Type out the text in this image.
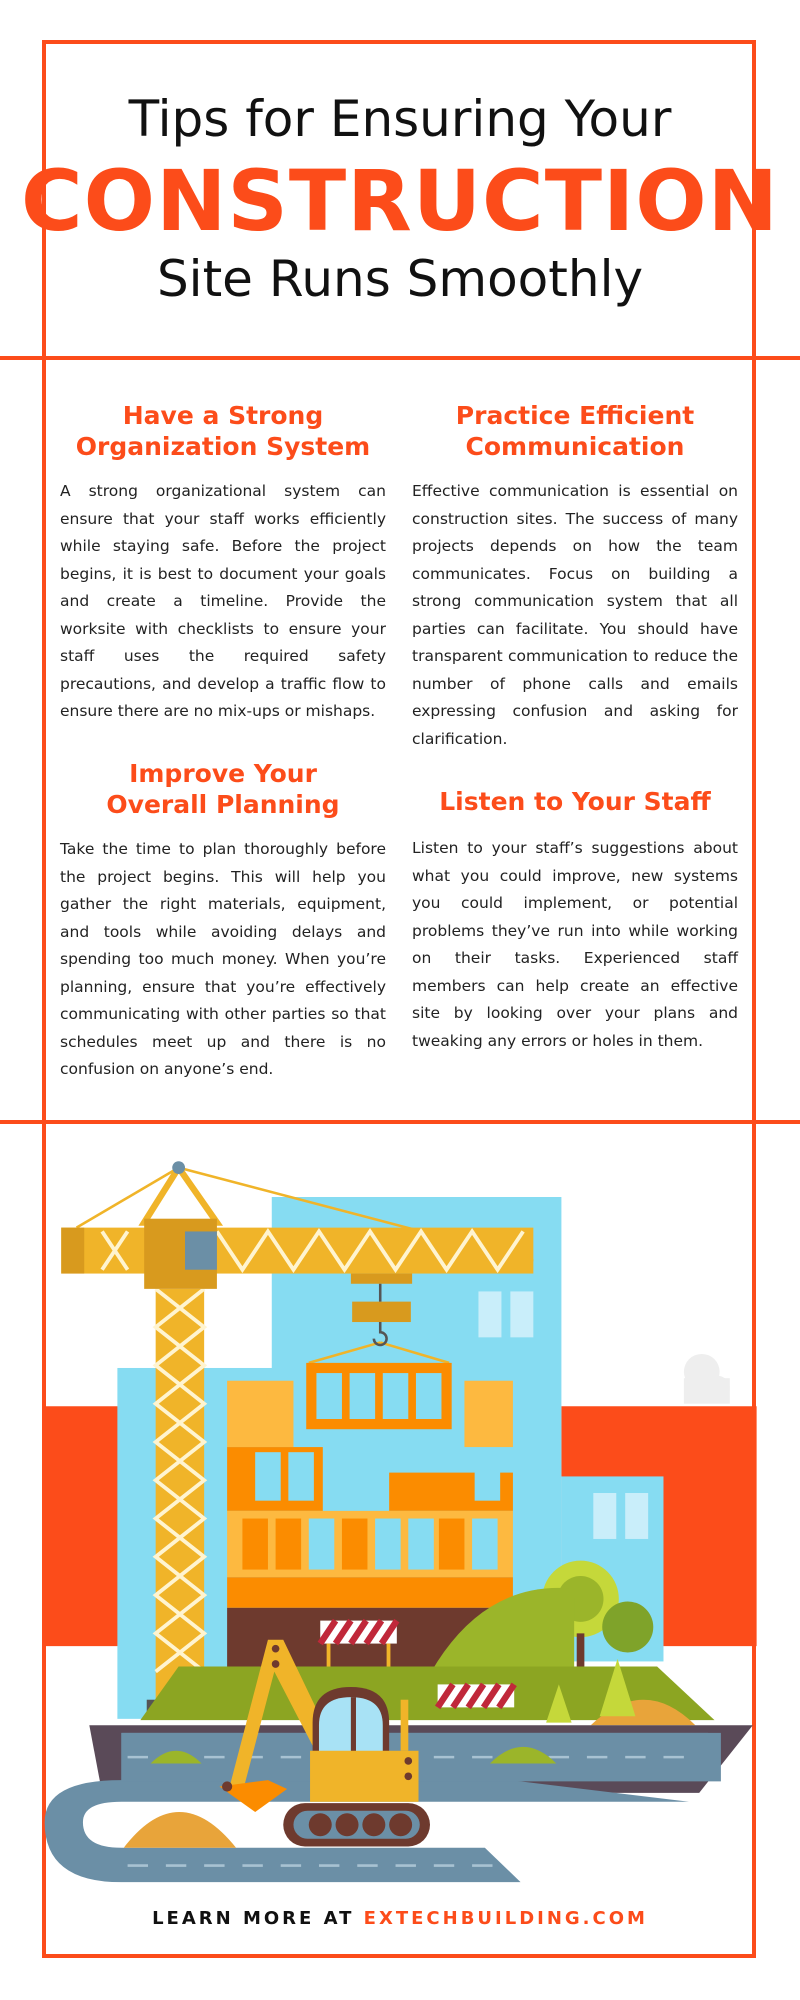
Tips for Ensuring Your
CONSTRUCTION
Site Runs Smoothly
Have a Strong
Organization System

A strong organizational system can ensure that your staff works efficiently while staying safe. Before the project begins, it is best to document your goals and create a timeline. Provide the worksite with checklists to ensure your staff uses the required safety precautions, and develop a traffic flow to ensure there are no mix-ups or mishaps.

Practice Efficient
Communication

Effective communication is essential on construction sites. The success of many projects depends on how the team communicates. Focus on building a strong communication system that all parties can facilitate. You should have transparent communication to reduce the number of phone calls and emails expressing confusion and asking for clarification.

Improve Your
Overall Planning

Take the time to plan thoroughly before the project begins. This will help you gather the right materials, equipment, and tools while avoiding delays and spending too much money. When you’re planning, ensure that you’re effectively communicating with other parties so that schedules meet up and there is no confusion on anyone’s end.

Listen to Your Staff

Listen to your staff’s suggestions about what you could improve, new systems you could implement, or potential problems they’ve run into while working on their tasks. Experienced staff members can help create an effective site by looking over your plans and tweaking any errors or holes in them.

LEARN MORE AT EXTECHBUILDING.COM
